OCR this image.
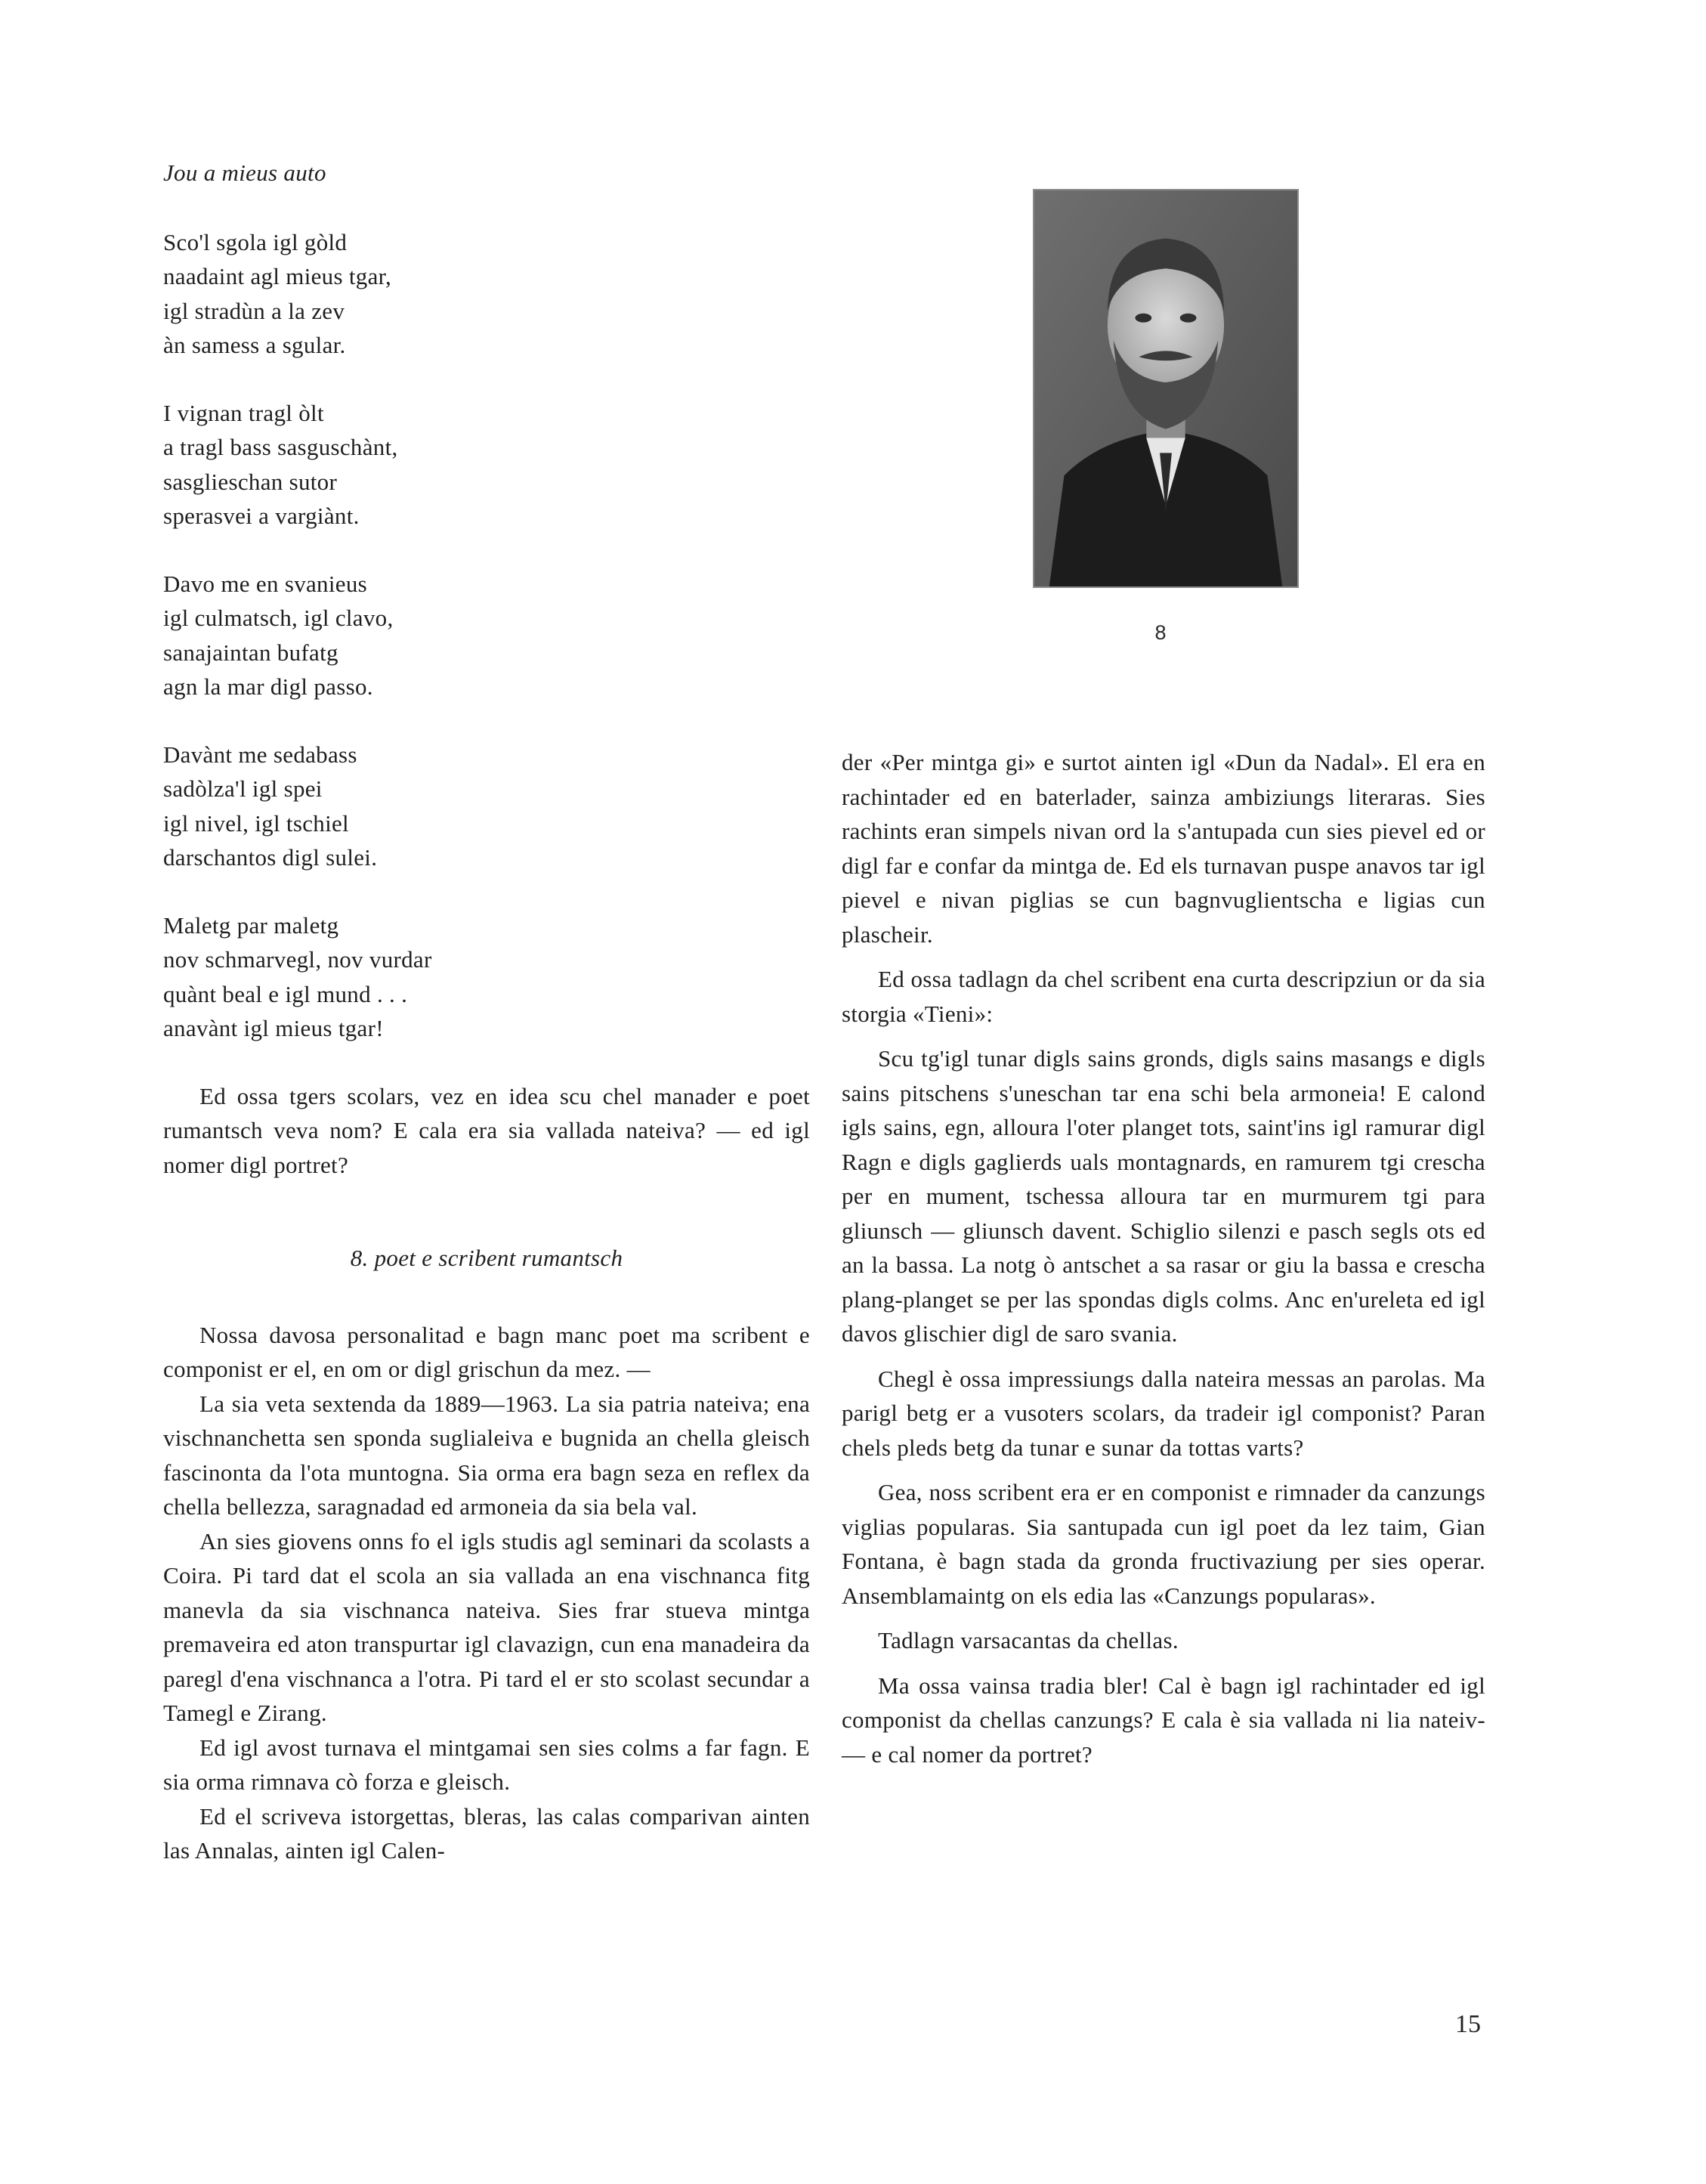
Jou a mieus auto
Sco'l sgola igl gòld
naadaint agl mieus tgar,
igl stradùn a la zev
àn samess a sgular.
I vignan tragl òlt
a tragl bass sasguschànt,
sasglieschan sutor
sperasvei a vargiànt.
Davo me en svanieus
igl culmatsch, igl clavo,
sanajaintan bufatg
agn la mar digl passo.
Davànt me sedabass
sadòlza'l igl spei
igl nivel, igl tschiel
darschantos digl sulei.
Maletg par maletg
nov schmarvegl, nov vurdar
quànt beal e igl mund . . .
anavànt igl mieus tgar!

Ed ossa tgers scolars, vez en idea scu chel manader e poet rumantsch veva nom? E cala era sia vallada nateiva? — ed igl nomer digl portret?

8. poet e scribent rumantsch

Nossa davosa personalitad e bagn manc poet ma scribent e componist er el, en om or digl grischun da mez. —

La sia veta sextenda da 1889—1963. La sia patria nateiva; ena vischnanchetta sen sponda suglialeiva e bugnida an chella gleisch fascinonta da l'ota muntogna. Sia orma era bagn seza en reflex da chella bellezza, saragnadad ed armoneia da sia bela val.

An sies giovens onns fo el igls studis agl seminari da scolasts a Coira. Pi tard dat el scola an sia vallada an ena vischnanca fitg manevla da sia vischnanca nateiva. Sies frar stueva mintga premaveira ed aton transpurtar igl clavazign, cun ena manadeira da paregl d'ena vischnanca a l'otra. Pi tard el er sto scolast secundar a Tamegl e Zirang.

Ed igl avost turnava el mintgamai sen sies colms a far fagn. E sia orma rimnava cò forza e gleisch.

Ed el scriveva istorgettas, bleras, las calas comparivan ainten las Annalas, ainten igl Calen-

8

der «Per mintga gi» e surtot ainten igl «Dun da Nadal». El era en rachintader ed en baterlader, sainza ambiziungs literaras. Sies rachints eran simpels nivan ord la s'antupada cun sies pievel ed or digl far e confar da mintga de. Ed els turnavan puspe anavos tar igl pievel e nivan piglias se cun bagnvuglientscha e ligias cun plascheir.

Ed ossa tadlagn da chel scribent ena curta descripziun or da sia storgia «Tieni»:

Scu tg'igl tunar digls sains gronds, digls sains masangs e digls sains pitschens s'uneschan tar ena schi bela armoneia! E calond igls sains, egn, alloura l'oter planget tots, saint'ins igl ramurar digl Ragn e digls gaglierds uals montagnards, en ramurem tgi crescha per en mument, tschessa alloura tar en murmurem tgi para gliunsch — gliunsch davent. Schiglio silenzi e pasch segls ots ed an la bassa. La notg ò antschet a sa rasar or giu la bassa e crescha plang-planget se per las spondas digls colms. Anc en'ureleta ed igl davos glischier digl de saro svania.

Chegl è ossa impressiungs dalla nateira messas an parolas. Ma parigl betg er a vusoters scolars, da tradeir igl componist? Paran chels pleds betg da tunar e sunar da tottas varts?

Gea, noss scribent era er en componist e rimnader da canzungs viglias popularas. Sia santupada cun igl poet da lez taim, Gian Fontana, è bagn stada da gronda fructivaziung per sies operar. Ansemblamaintg on els edia las «Canzungs popularas».

Tadlagn varsacantas da chellas.

Ma ossa vainsa tradia bler! Cal è bagn igl rachintader ed igl componist da chellas canzungs? E cala è sia vallada ni lia nateiv- — e cal nomer da portret?

15
